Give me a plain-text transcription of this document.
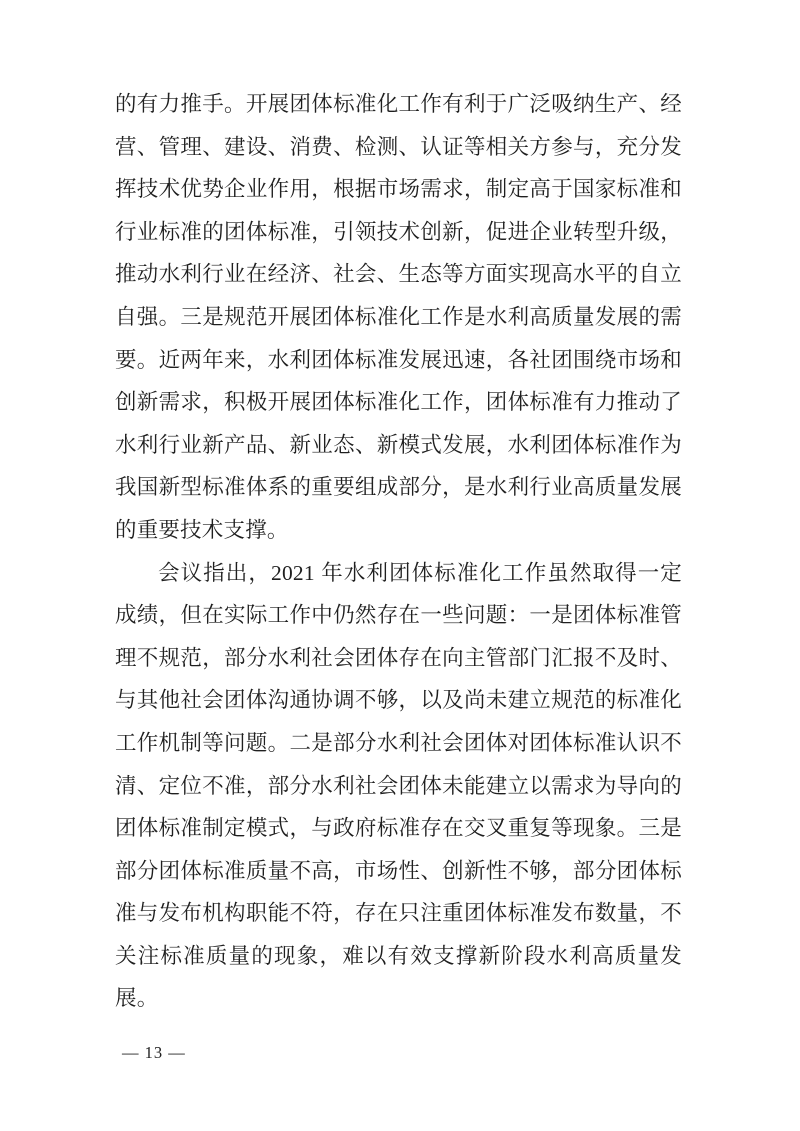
的有力推手。开展团体标准化工作有利于广泛吸纳生产、经营、管理、建设、消费、检测、认证等相关方参与，充分发挥技术优势企业作用，根据市场需求，制定高于国家标准和行业标准的团体标准，引领技术创新，促进企业转型升级，推动水利行业在经济、社会、生态等方面实现高水平的自立自强。三是规范开展团体标准化工作是水利高质量发展的需要。近两年来，水利团体标准发展迅速，各社团围绕市场和创新需求，积极开展团体标准化工作，团体标准有力推动了水利行业新产品、新业态、新模式发展，水利团体标准作为我国新型标准体系的重要组成部分，是水利行业高质量发展的重要技术支撑。

会议指出，2021 年水利团体标准化工作虽然取得一定成绩，但在实际工作中仍然存在一些问题：一是团体标准管理不规范，部分水利社会团体存在向主管部门汇报不及时、与其他社会团体沟通协调不够，以及尚未建立规范的标准化工作机制等问题。二是部分水利社会团体对团体标准认识不清、定位不准，部分水利社会团体未能建立以需求为导向的团体标准制定模式，与政府标准存在交叉重复等现象。三是部分团体标准质量不高，市场性、创新性不够，部分团体标准与发布机构职能不符，存在只注重团体标准发布数量，不关注标准质量的现象，难以有效支撑新阶段水利高质量发展。

— 13 —
